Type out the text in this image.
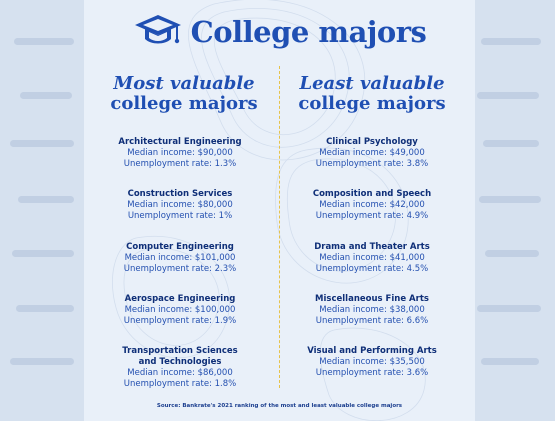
College majors
Most valuable
college majors
Least valuable
college majors
Architectural Engineering
Median income: $90,000
Unemployment rate: 1.3%
Construction Services
Median income: $80,000
Unemployment rate: 1%
Computer Engineering
Median income: $101,000
Unemployment rate: 2.3%
Aerospace Engineering
Median income: $100,000
Unemployment rate: 1.9%
Transportation Sciences
and Technologies
Median income: $86,000
Unemployment rate: 1.8%
Clinical Psychology
Median income: $49,000
Unemployment rate: 3.8%
Composition and Speech
Median income: $42,000
Unemployment rate: 4.9%
Drama and Theater Arts
Median income: $41,000
Unemployment rate: 4.5%
Miscellaneous Fine Arts
Median income: $38,000
Unemployment rate: 6.6%
Visual and Performing Arts
Median income: $35,500
Unemployment rate: 3.6%
Source: Bankrate's 2021 ranking of the most and least valuable college majors
